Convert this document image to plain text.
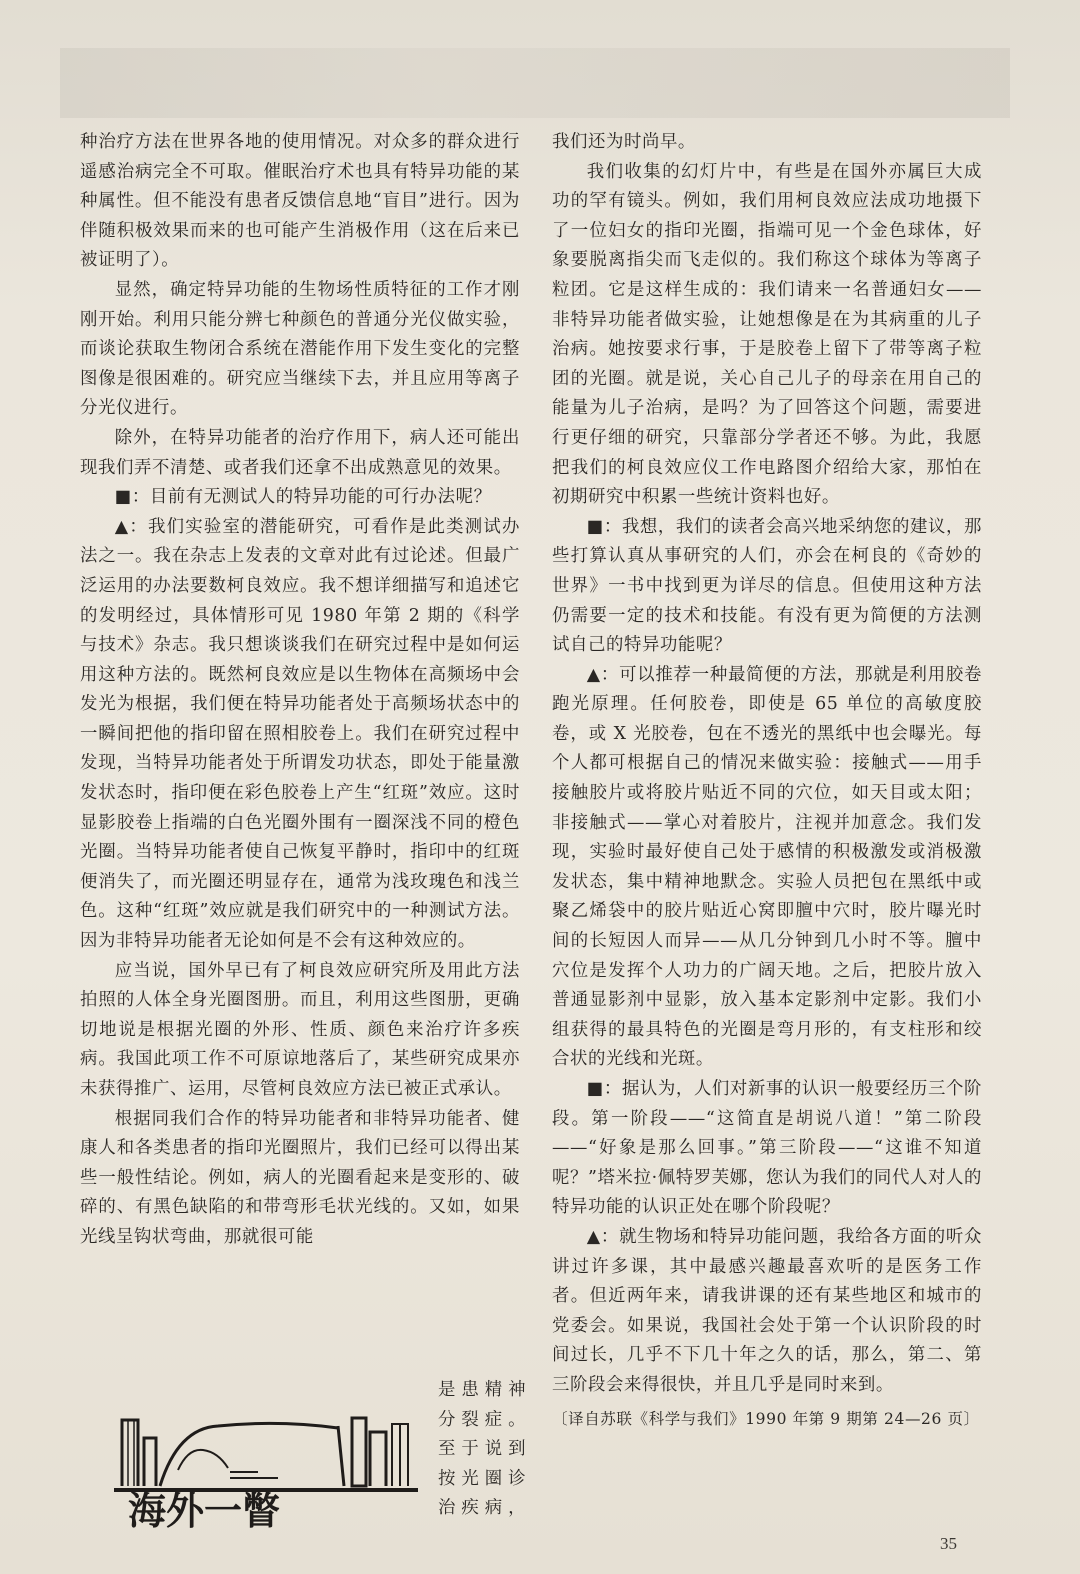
种治疗方法在世界各地的使用情况。对众多的群众进行遥感治病完全不可取。催眠治疗术也具有特异功能的某种属性。但不能没有患者反馈信息地“盲目”进行。因为伴随积极效果而来的也可能产生消极作用（这在后来已被证明了）。

显然，确定特异功能的生物场性质特征的工作才刚刚开始。利用只能分辨七种颜色的普通分光仪做实验，而谈论获取生物闭合系统在潜能作用下发生变化的完整图像是很困难的。研究应当继续下去，并且应用等离子分光仪进行。

除外，在特异功能者的治疗作用下，病人还可能出现我们弄不清楚、或者我们还拿不出成熟意见的效果。

■：目前有无测试人的特异功能的可行办法呢？

▲：我们实验室的潜能研究，可看作是此类测试办法之一。我在杂志上发表的文章对此有过论述。但最广泛运用的办法要数柯良效应。我不想详细描写和追述它的发明经过，具体情形可见 1980 年第 2 期的《科学与技术》杂志。我只想谈谈我们在研究过程中是如何运用这种方法的。既然柯良效应是以生物体在高频场中会发光为根据，我们便在特异功能者处于高频场状态中的一瞬间把他的指印留在照相胶卷上。我们在研究过程中发现，当特异功能者处于所谓发功状态，即处于能量激发状态时，指印便在彩色胶卷上产生“红斑”效应。这时显影胶卷上指端的白色光圈外围有一圈深浅不同的橙色光圈。当特异功能者使自己恢复平静时，指印中的红斑便消失了，而光圈还明显存在，通常为浅玫瑰色和浅兰色。这种“红斑”效应就是我们研究中的一种测试方法。因为非特异功能者无论如何是不会有这种效应的。

应当说，国外早已有了柯良效应研究所及用此方法拍照的人体全身光圈图册。而且，利用这些图册，更确切地说是根据光圈的外形、性质、颜色来治疗许多疾病。我国此项工作不可原谅地落后了，某些研究成果亦未获得推广、运用，尽管柯良效应方法已被正式承认。

根据同我们合作的特异功能者和非特异功能者、健康人和各类患者的指印光圈照片，我们已经可以得出某些一般性结论。例如，病人的光圈看起来是变形的、破碎的、有黑色缺陷的和带弯形毛状光线的。又如，如果光线呈钩状弯曲，那就很可能

是患精神
分裂症。
至于说到
按光圈诊
治疾病，
海外一瞥

我们还为时尚早。

我们收集的幻灯片中，有些是在国外亦属巨大成功的罕有镜头。例如，我们用柯良效应法成功地摄下了一位妇女的指印光圈，指端可见一个金色球体，好象要脱离指尖而飞走似的。我们称这个球体为等离子粒团。它是这样生成的：我们请来一名普通妇女——非特异功能者做实验，让她想像是在为其病重的儿子治病。她按要求行事，于是胶卷上留下了带等离子粒团的光圈。就是说，关心自己儿子的母亲在用自己的能量为儿子治病，是吗？为了回答这个问题，需要进行更仔细的研究，只靠部分学者还不够。为此，我愿把我们的柯良效应仪工作电路图介绍给大家，那怕在初期研究中积累一些统计资料也好。

■：我想，我们的读者会高兴地采纳您的建议，那些打算认真从事研究的人们，亦会在柯良的《奇妙的世界》一书中找到更为详尽的信息。但使用这种方法仍需要一定的技术和技能。有没有更为简便的方法测试自己的特异功能呢？

▲：可以推荐一种最简便的方法，那就是利用胶卷跑光原理。任何胶卷，即使是 65 单位的高敏度胶卷，或 X 光胶卷，包在不透光的黑纸中也会曝光。每个人都可根据自己的情况来做实验：接触式——用手接触胶片或将胶片贴近不同的穴位，如天目或太阳；非接触式——掌心对着胶片，注视并加意念。我们发现，实验时最好使自己处于感情的积极激发或消极激发状态，集中精神地默念。实验人员把包在黑纸中或聚乙烯袋中的胶片贴近心窝即膻中穴时，胶片曝光时间的长短因人而异——从几分钟到几小时不等。膻中穴位是发挥个人功力的广阔天地。之后，把胶片放入普通显影剂中显影，放入基本定影剂中定影。我们小组获得的最具特色的光圈是弯月形的，有支柱形和绞合状的光线和光斑。

■：据认为，人们对新事的认识一般要经历三个阶段。第一阶段——“这简直是胡说八道！”第二阶段——“好象是那么回事。”第三阶段——“这谁不知道呢？”塔米拉·佩特罗芙娜，您认为我们的同代人对人的特异功能的认识正处在哪个阶段呢？

▲：就生物场和特异功能问题，我给各方面的听众讲过许多课，其中最感兴趣最喜欢听的是医务工作者。但近两年来，请我讲课的还有某些地区和城市的党委会。如果说，我国社会处于第一个认识阶段的时间过长，几乎不下几十年之久的话，那么，第二、第三阶段会来得很快，并且几乎是同时来到。

〔译自苏联《科学与我们》1990 年第 9 期第 24—26 页〕

35
